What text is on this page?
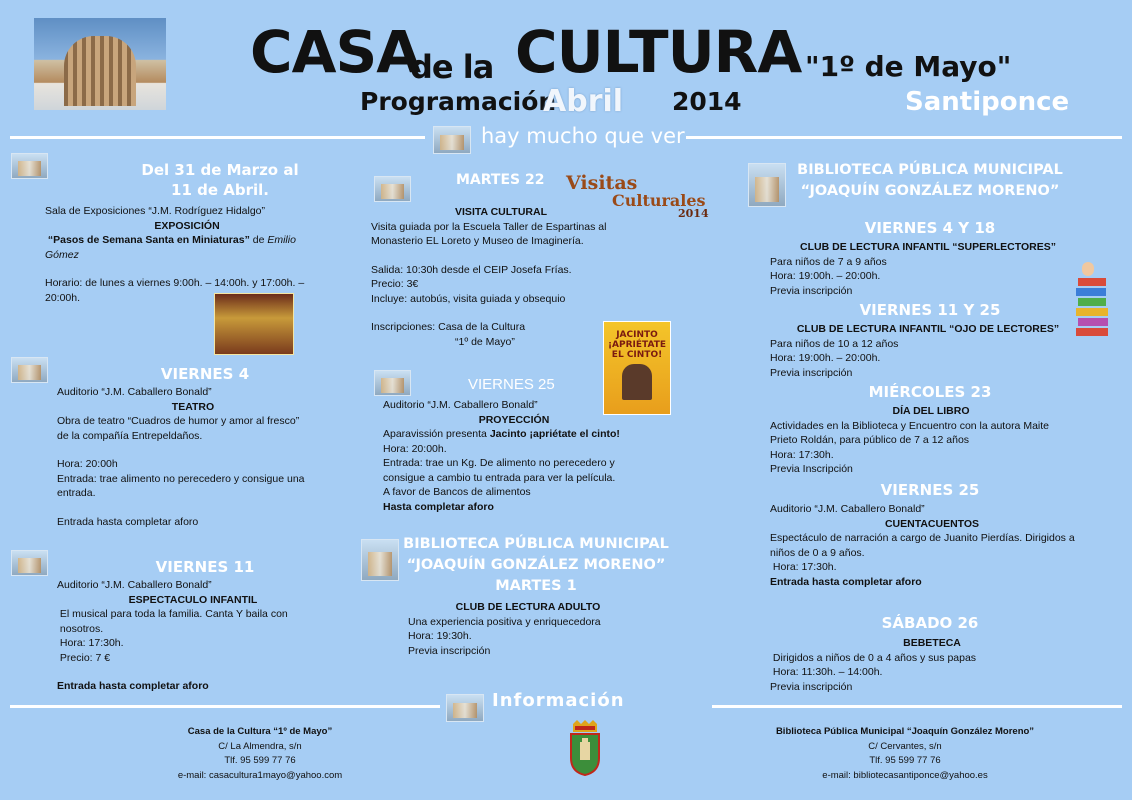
CASA
de la CULTURA "1º de Mayo"
Programación
Abril 2014	Santiponce
hay mucho que ver
Del 31 de Marzo al
11 de Abril.
Sala de Exposiciones “J.M. Rodríguez Hidalgo”
EXPOSICIÓN
“Pasos de Semana Santa en Miniaturas” de Emilio
Gómez
Horario: de lunes a viernes 9:00h. – 14:00h. y 17:00h. –
20:00h.
VIERNES 4
Auditorio “J.M. Caballero Bonald”
TEATRO
Obra de teatro “Cuadros de humor y amor al fresco”
de la compañía Entrepeldaños.
Hora: 20:00h
Entrada: trae alimento no perecedero y consigue una
entrada.
Entrada hasta completar aforo
VIERNES 11
Auditorio “J.M. Caballero Bonald”
ESPECTACULO INFANTIL
El musical para toda la familia. Canta Y baila con
nosotros.
Hora: 17:30h.
Precio: 7 €
Entrada hasta completar aforo
MARTES 22 Visitas
Culturales
2014
VISITA CULTURAL
Visita guiada por la Escuela Taller de Espartinas al
Monasterio EL Loreto y Museo de Imaginería.
Salida: 10:30h desde el CEIP Josefa Frías.
Precio: 3€
Incluye: autobús, visita guiada y obsequio
Inscripciones: Casa de la Cultura
“1º de Mayo”
JACINTO
¡APRIÉTATE
EL CINTO!
VIERNES 25
Auditorio “J.M. Caballero Bonald”
PROYECCIÓN
Aparavissión presenta Jacinto ¡apriétate el cinto!
Hora: 20:00h.
Entrada: trae un Kg. De alimento no perecedero y
consigue a cambio tu entrada para ver la película.
A favor de Bancos de alimentos
Hasta completar aforo
BIBLIOTECA PÚBLICA MUNICIPAL
“JOAQUÍN GONZÁLEZ MORENO”
MARTES 1
CLUB DE LECTURA ADULTO
Una experiencia positiva y enriquecedora
Hora: 19:30h.
Previa inscripción
BIBLIOTECA PÚBLICA MUNICIPAL
“JOAQUÍN GONZÁLEZ MORENO”
VIERNES 4 Y 18
CLUB DE LECTURA INFANTIL “SUPERLECTORES”
Para niños de 7 a 9 años
Hora: 19:00h. – 20:00h.
Previa inscripción
VIERNES 11 Y 25
CLUB DE LECTURA INFANTIL “OJO DE LECTORES”
Para niños de 10 a 12 años
Hora: 19:00h. – 20:00h.
Previa inscripción
MIÉRCOLES 23
DÍA DEL LIBRO
Actividades en la Biblioteca y Encuentro con la autora Maite
Prieto Roldán, para público de 7 a 12 años
Hora: 17:30h.
Previa Inscripción
VIERNES 25
Auditorio “J.M. Caballero Bonald”
CUENTACUENTOS
Espectáculo de narración a cargo de Juanito Pierdías. Dirigidos a
niños de 0 a 9 años.
Hora: 17:30h.
Entrada hasta completar aforo
SÁBADO 26
BEBETECA
Dirigidos a niños de 0 a 4 años y sus papas
Hora: 11:30h. – 14:00h.
Previa inscripción
Información
Casa de la Cultura “1º de Mayo”
C/ La Almendra, s/n
Tlf. 95 599 77 76
e-mail: casacultura1mayo@yahoo.com
Biblioteca Pública Municipal “Joaquín González Moreno”
C/ Cervantes, s/n
Tlf. 95 599 77 76
e-mail: bibliotecasantiponce@yahoo.es
